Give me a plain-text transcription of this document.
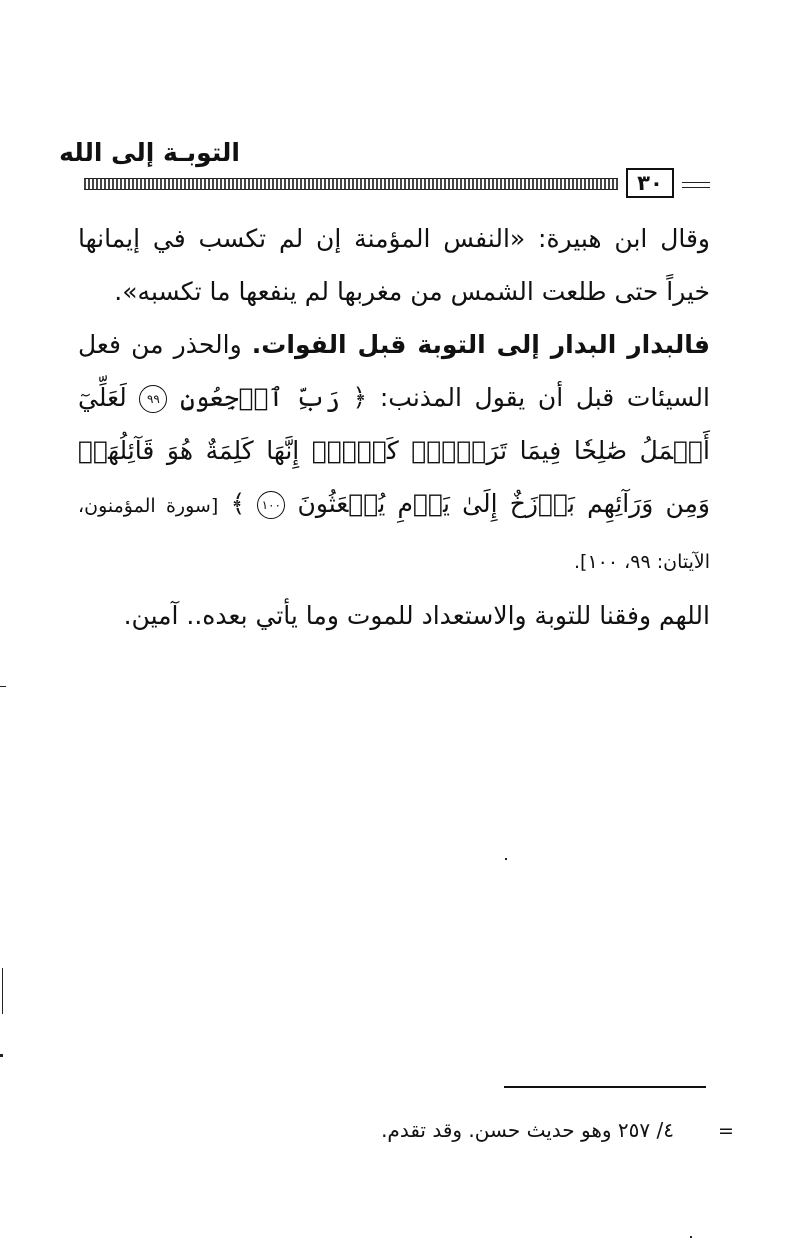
التوبـة إلى الله
٣٠

وقال ابن هبيرة: «النفس المؤمنة إن لم تكسب في إيمانها خيراً حتى طلعت الشمس من مغربها لم ينفعها ما تكسبه».

فالبدار البدار إلى التوبة قبل الفوات. والحذر من فعل السيئات قبل أن يقول المذنب: ﴿ رَبِّ ٱرۡجِعُونِ ٩٩ لَعَلِّيٓ أَعۡمَلُ صَٰلِحٗا فِيمَا تَرَكۡتُۚ كَلَّآۚ إِنَّهَا كَلِمَةٌ هُوَ قَآئِلُهَاۖ وَمِن وَرَآئِهِم بَرۡزَخٌ إِلَىٰ يَوۡمِ يُبۡعَثُونَ ١٠٠ ﴾ [سورة المؤمنون، الآيتان: ٩٩، ١٠٠].

اللهم وفقنا للتوبة والاستعداد للموت وما يأتي بعده.. آمين.

=
٤/ ٢٥٧ وهو حديث حسن. وقد تقدم.
